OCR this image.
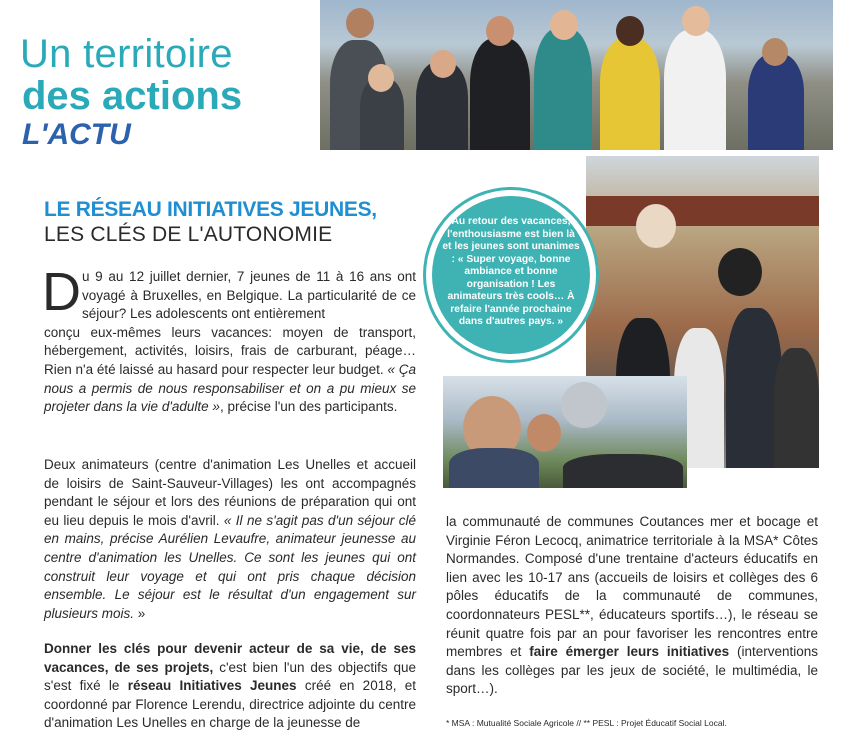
Un territoire
des actions
L'ACTU
Au retour des vacances, l'enthousiasme est bien là et les jeunes sont unanimes : « Super voyage, bonne ambiance et bonne organisation ! Les animateurs très cools… À refaire l'année prochaine dans d'autres pays. »
LE RÉSEAU INITIATIVES JEUNES,
LES CLÉS DE L'AUTONOMIE
D u 9 au 12 juillet dernier, 7 jeunes de 11 à 16 ans ont voyagé à Bruxelles, en Belgique. La particularité de ce séjour? Les adolescents ont entièrement
conçu eux-mêmes leurs vacances: moyen de transport, hébergement, activités, loisirs, frais de carburant, péage… Rien n'a été laissé au hasard pour respecter leur budget. « Ça nous a permis de nous responsabiliser et on a pu mieux se projeter dans la vie d'adulte », précise l'un des participants.
Deux animateurs (centre d'animation Les Unelles et accueil de loisirs de Saint-Sauveur-Villages) les ont accompagnés pendant le séjour et lors des réunions de préparation qui ont eu lieu depuis le mois d'avril. « Il ne s'agit pas d'un séjour clé en mains, précise Aurélien Levaufre, animateur jeunesse au centre d'animation les Unelles. Ce sont les jeunes qui ont construit leur voyage et qui ont pris chaque décision ensemble. Le séjour est le résultat d'un engagement sur plusieurs mois. »
Donner les clés pour devenir acteur de sa vie, de ses vacances, de ses projets, c'est bien l'un des objectifs que s'est fixé le réseau Initiatives Jeunes créé en 2018, et coordonné par Florence Lerendu, directrice adjointe du centre d'animation Les Unelles en charge de la jeunesse de
la communauté de communes Coutances mer et bocage et Virginie Féron Lecocq, animatrice territoriale à la MSA* Côtes Normandes. Composé d'une trentaine d'acteurs éducatifs en lien avec les 10-17 ans (accueils de loisirs et collèges des 6 pôles éducatifs de la communauté de communes, coordonnateurs PESL**, éducateurs sportifs…), le réseau se réunit quatre fois par an pour favoriser les rencontres entre membres et faire émerger leurs initiatives (interventions dans les collèges par les jeux de société, le multimédia, le sport…).
* MSA : Mutualité Sociale Agricole // ** PESL : Projet Éducatif Social Local.
